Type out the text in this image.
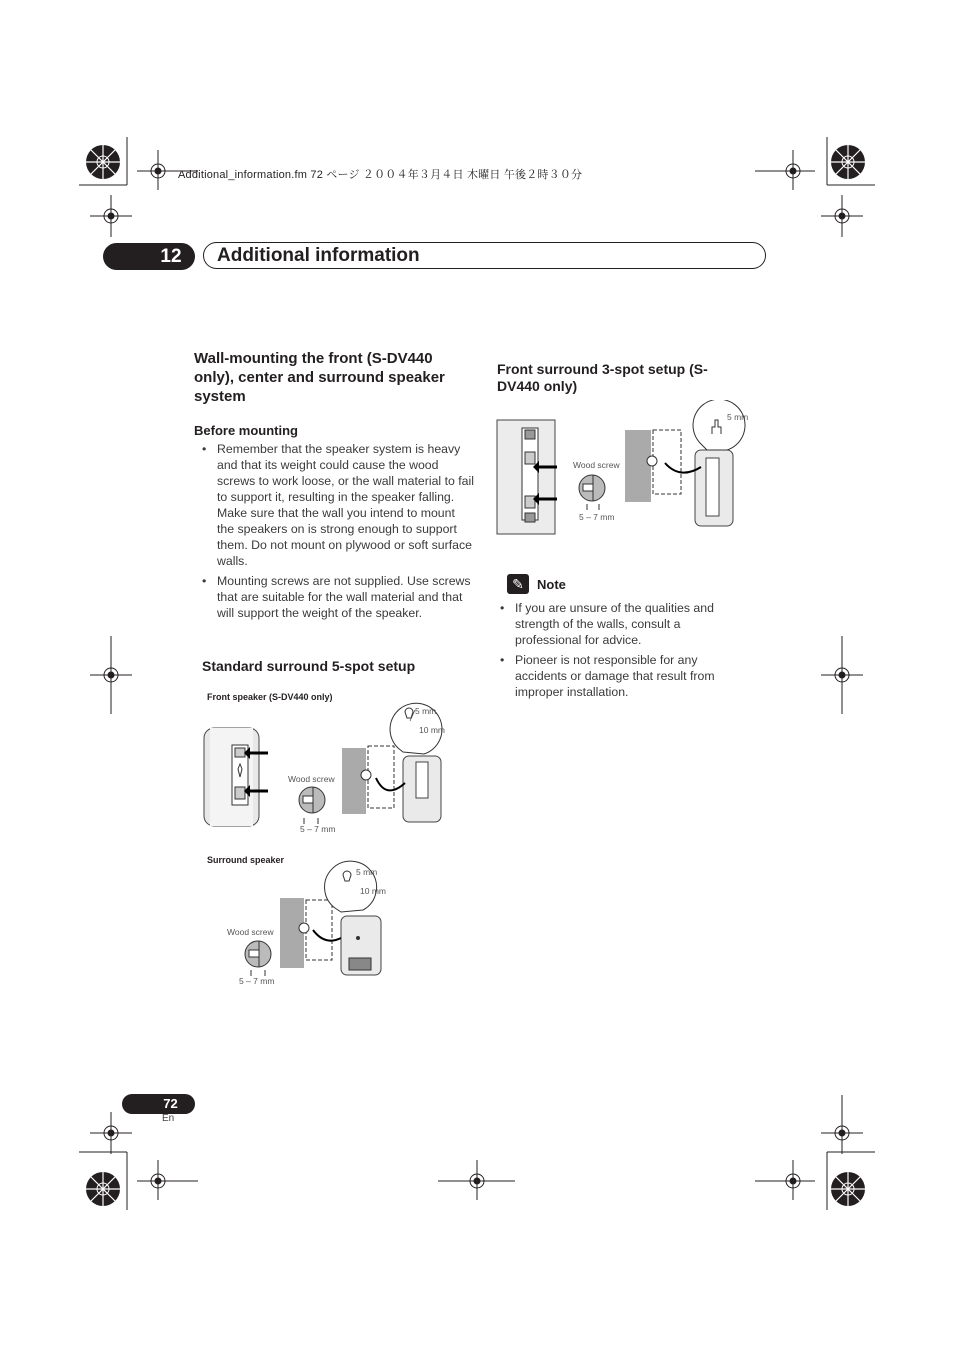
Additional_information.fm 72 ページ ２００４年３月４日 木曜日 午後２時３０分
12	Additional information
Wall-mounting the front (S-DV440 only), center and surround speaker system
Before mounting
• Remember that the speaker system is heavy and that its weight could cause the wood screws to work loose, or the wall material to fail to support it, resulting in the speaker falling. Make sure that the wall you intend to mount the speakers on is strong enough to support them. Do not mount on plywood or soft surface walls.
• Mounting screws are not supplied. Use screws that are suitable for the wall material and that will support the weight of the speaker.
Standard surround 5-spot setup
Front speaker (S-DV440 only)
5 mm
10 mm
Wood screw
5 – 7 mm
Surround speaker
5 mm
10 mm
Wood screw
5 – 7 mm
Front surround 3-spot setup (S-DV440 only)
5 mm
Wood screw
5 – 7 mm
✎	Note
• If you are unsure of the qualities and strength of the walls, consult a professional for advice.
• Pioneer is not responsible for any accidents or damage that result from improper installation.
72
En
